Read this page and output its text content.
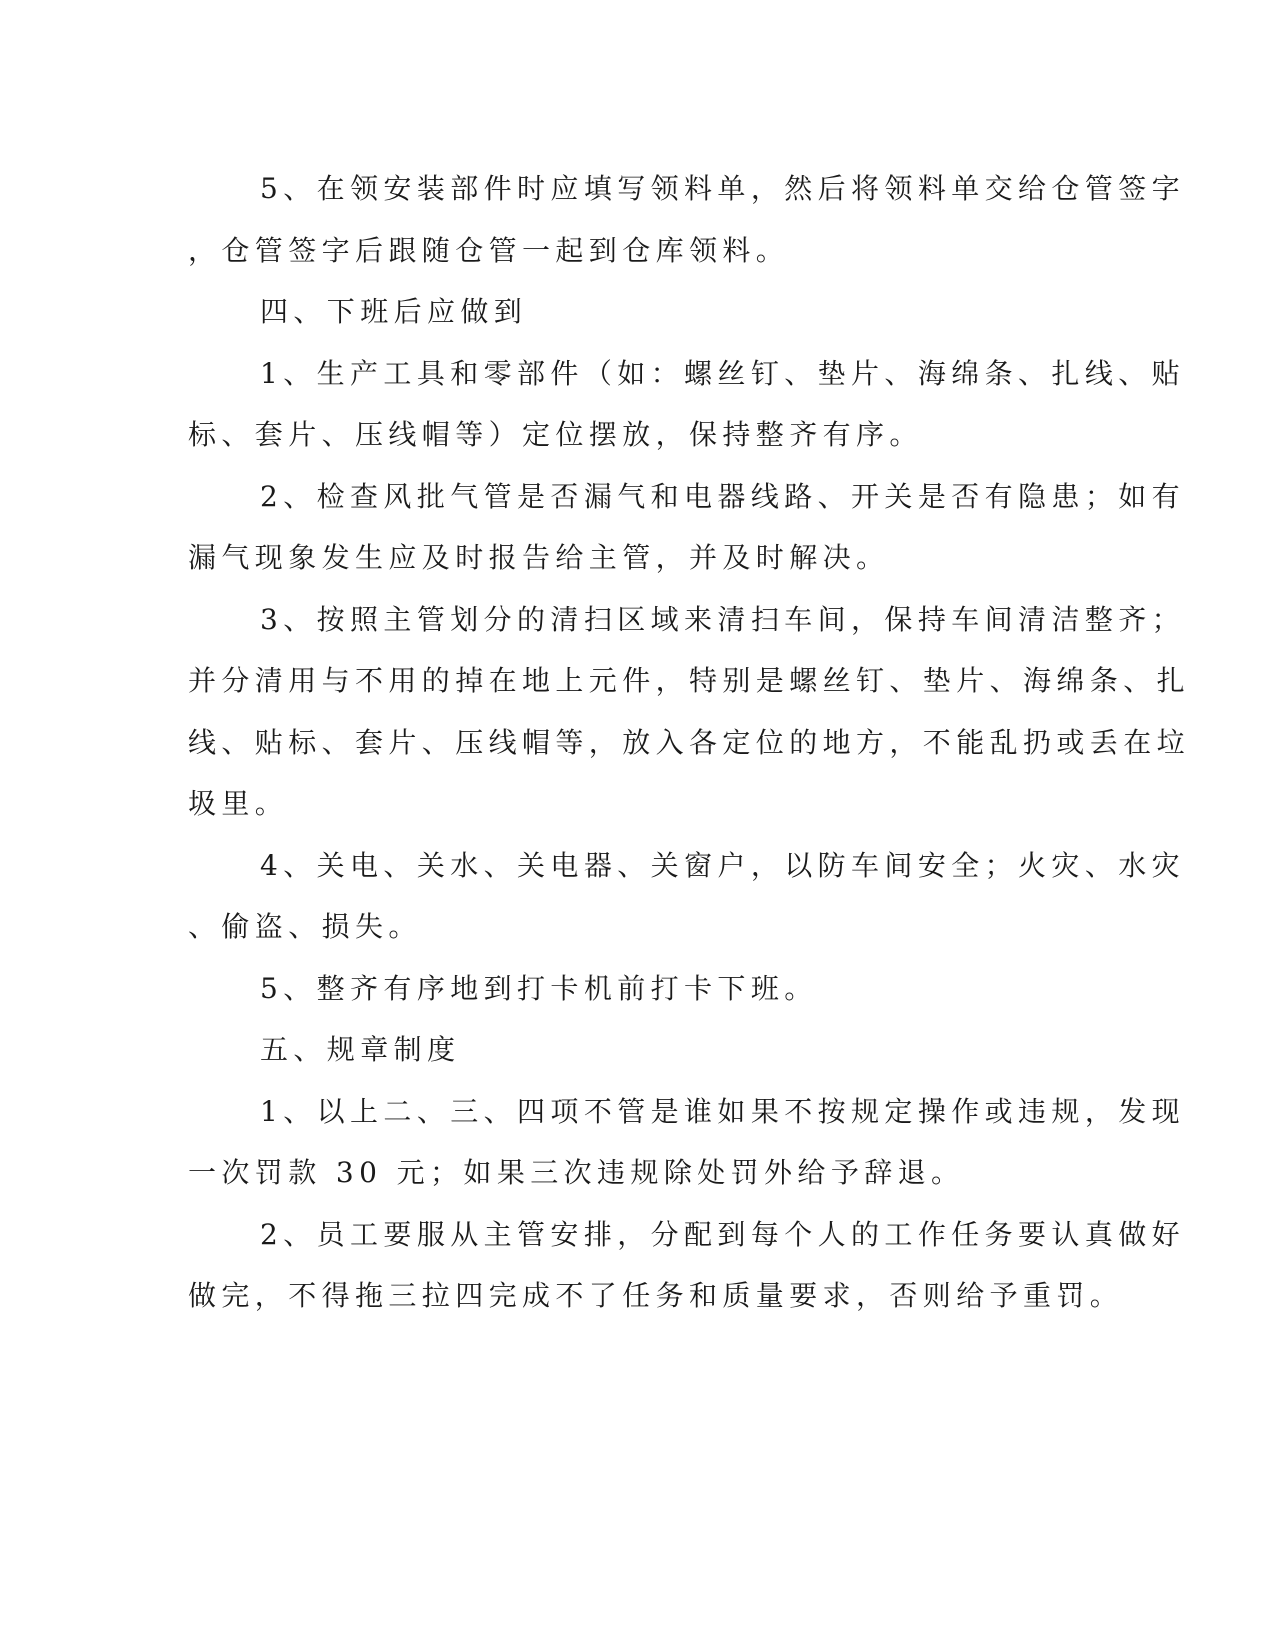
5、在领安装部件时应填写领料单，然后将领料单交给仓管签字
，仓管签字后跟随仓管一起到仓库领料。

四、下班后应做到

1、生产工具和零部件（如：螺丝钉、垫片、海绵条、扎线、贴
标、套片、压线帽等）定位摆放，保持整齐有序。

2、检查风批气管是否漏气和电器线路、开关是否有隐患；如有
漏气现象发生应及时报告给主管，并及时解决。

3、按照主管划分的清扫区域来清扫车间，保持车间清洁整齐；
并分清用与不用的掉在地上元件，特别是螺丝钉、垫片、海绵条、扎
线、贴标、套片、压线帽等，放入各定位的地方，不能乱扔或丢在垃
圾里。

4、关电、关水、关电器、关窗户，以防车间安全；火灾、水灾
、偷盗、损失。

5、整齐有序地到打卡机前打卡下班。

五、规章制度

1、以上二、三、四项不管是谁如果不按规定操作或违规，发现
一次罚款 30 元；如果三次违规除处罚外给予辞退。

2、员工要服从主管安排，分配到每个人的工作任务要认真做好
做完，不得拖三拉四完成不了任务和质量要求，否则给予重罚。
